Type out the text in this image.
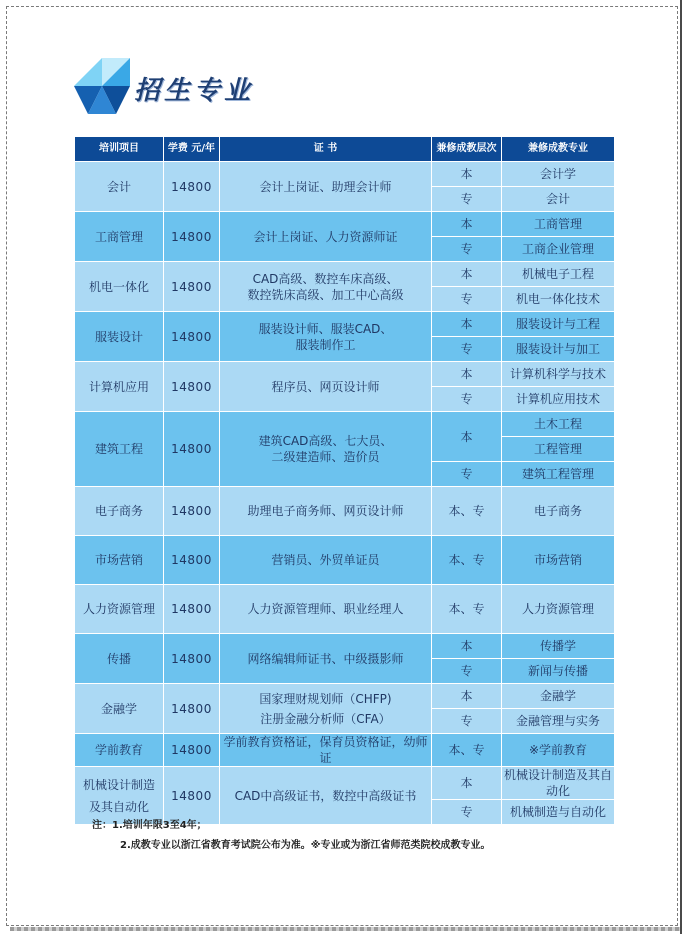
招生专业
培训项目	学费 元/年	证 书	兼修成教层次	兼修成教专业
会计	14800	会计上岗证、助理会计师	本	会计学
			专	会计
工商管理	14800	会计上岗证、人力资源师证	本	工商管理
			专	工商企业管理
机电一体化	14800	CAD高级、数控车床高级、
数控铣床高级、加工中心高级	本	机械电子工程
			专	机电一体化技术
服装设计	14800	服装设计师、服装CAD、
服装制作工	本	服装设计与工程
			专	服装设计与加工
计算机应用	14800	程序员、网页设计师	本	计算机科学与技术
			专	计算机应用技术
建筑工程	14800	建筑CAD高级、七大员、
二级建造师、造价员	本	土木工程
				工程管理
			专	建筑工程管理
电子商务	14800	助理电子商务师、网页设计师	本、专	电子商务
市场营销	14800	营销员、外贸单证员	本、专	市场营销
人力资源管理	14800	人力资源管理师、职业经理人	本、专	人力资源管理
传播	14800	网络编辑师证书、中级摄影师	本	传播学
			专	新闻与传播
金融学	14800	国家理财规划师（CHFP)
注册金融分析师（CFA）	本	金融学
			专	金融管理与实务
学前教育	14800	学前教育资格证，保育员资格证，幼师证	本、专	※学前教育

机械设计制造
及其自动化	14800	CAD中高级证书，数控中高级证书	本	机械设计制造及其自动化
			专	机械制造与自动化
注：1.培训年限3至4年；
2.成教专业以浙江省教育考试院公布为准。※专业或为浙江省师范类院校成教专业。
